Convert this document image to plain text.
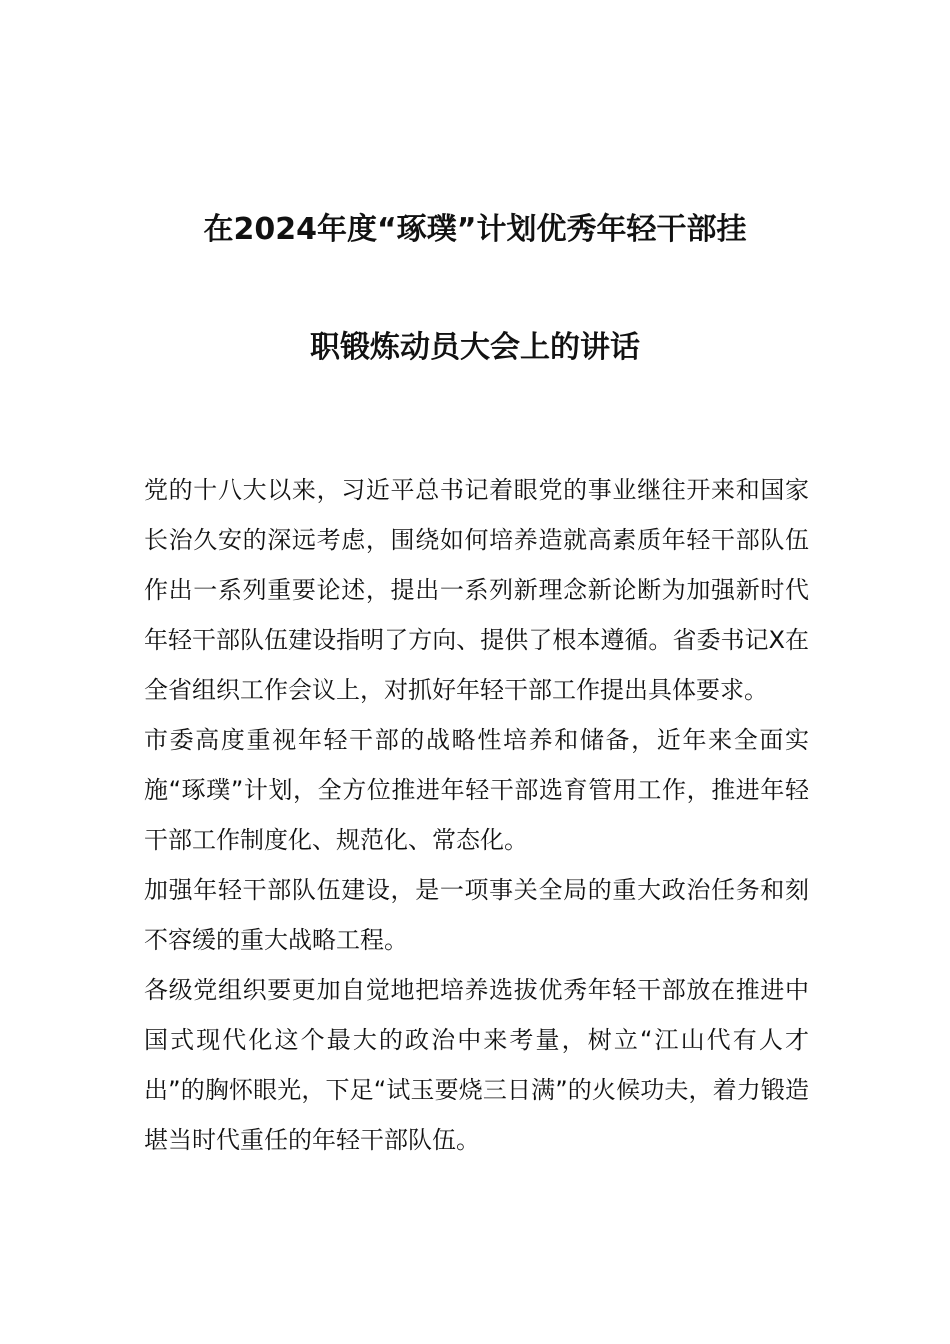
在2024年度“琢璞”计划优秀年轻干部挂

职锻炼动员大会上的讲话

党的十八大以来，习近平总书记着眼党的事业继往开来和国家长治久安的深远考虑，围绕如何培养造就高素质年轻干部队伍作出一系列重要论述，提出一系列新理念新论断为加强新时代年轻干部队伍建设指明了方向、提供了根本遵循。省委书记X在全省组织工作会议上，对抓好年轻干部工作提出具体要求。

市委高度重视年轻干部的战略性培养和储备，近年来全面实施“琢璞”计划，全方位推进年轻干部选育管用工作，推进年轻干部工作制度化、规范化、常态化。

加强年轻干部队伍建设，是一项事关全局的重大政治任务和刻不容缓的重大战略工程。

各级党组织要更加自觉地把培养选拔优秀年轻干部放在推进中国式现代化这个最大的政治中来考量，树立“江山代有人才出”的胸怀眼光，下足“试玉要烧三日满”的火候功夫，着力锻造堪当时代重任的年轻干部队伍。
